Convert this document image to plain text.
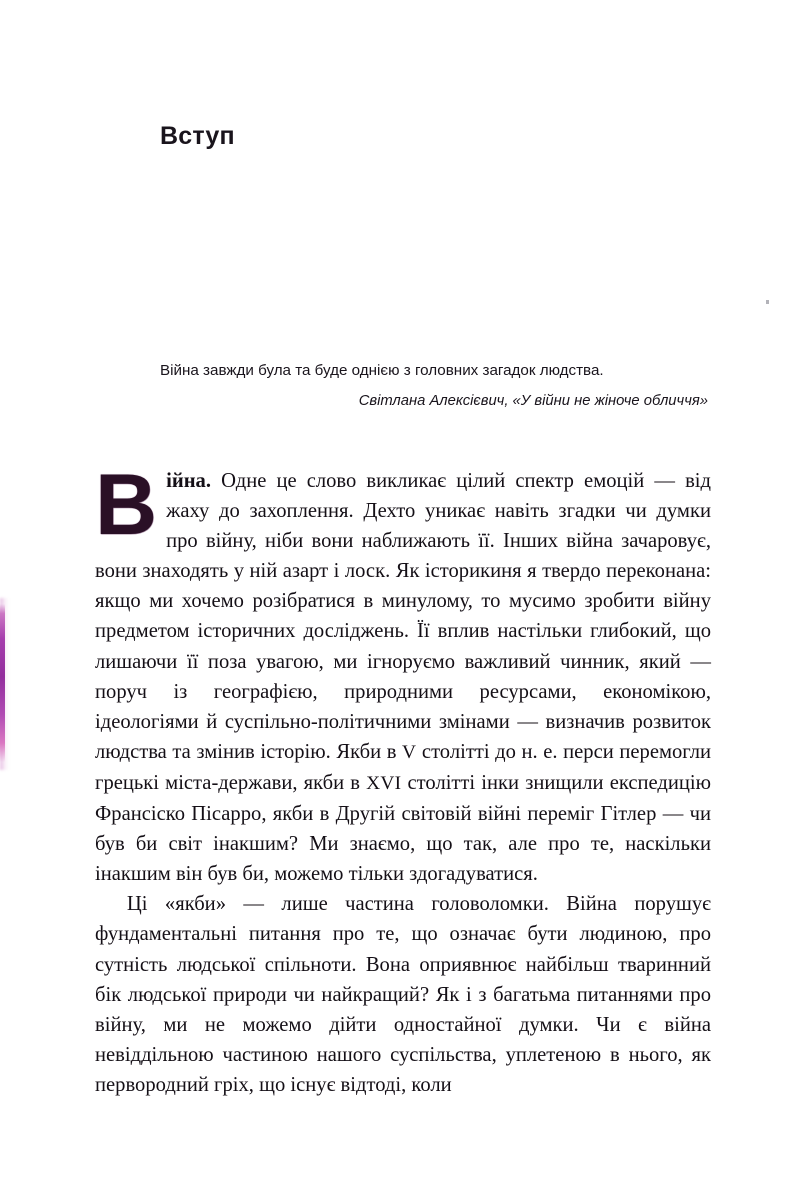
Вступ
Війна завжди була та буде однією з головних загадок людства.
Світлана Алексієвич, «У війни не жіноче обличчя»

Війна. Одне це слово викликає цілий спектр емоцій — від жаху до захоплення. Дехто уникає навіть згадки чи думки про війну, ніби вони наближають її. Інших війна зачаровує, вони знаходять у ній азарт і лоск. Як історикиня я твердо переконана: якщо ми хочемо розібратися в минулому, то мусимо зробити війну предметом історичних досліджень. Її вплив настільки глибокий, що лишаючи її поза увагою, ми ігноруємо важливий чинник, який — поруч із географією, природними ресурсами, економікою, ідеологіями й суспільно-політичними змінами — визначив розвиток людства та змінив історію. Якби в V столітті до н. е. перси перемогли грецькі міста-держави, якби в XVI столітті інки знищили експедицію Франсіско Пісарро, якби в Другій світовій війні переміг Гітлер — чи був би світ інакшим? Ми знаємо, що так, але про те, наскільки інакшим він був би, можемо тільки здогадуватися.

Ці «якби» — лише частина головоломки. Війна порушує фундаментальні питання про те, що означає бути людиною, про сутність людської спільноти. Вона оприявнює найбільш тваринний бік людської природи чи найкращий? Як і з багатьма питаннями про війну, ми не можемо дійти одностайної думки. Чи є війна невіддільною частиною нашого суспільства, уплетеною в нього, як первородний гріх, що існує відтоді, коли
